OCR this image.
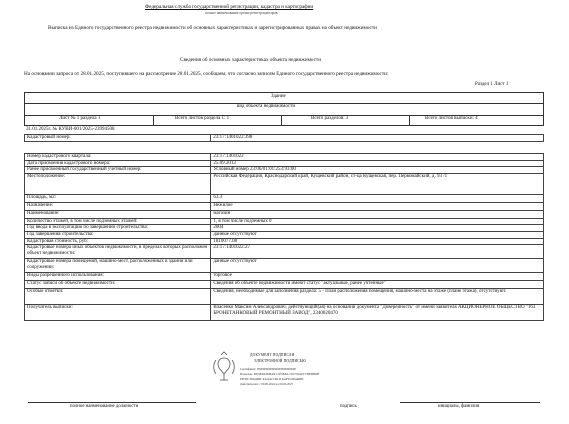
Федеральная служба государственной регистрации, кадастра и картографии
полное наименование органа регистрации прав
Выписка из Единого государственного реестра недвижимости об основных характеристиках и зарегистрированных правах на объект недвижимости
Сведения об основных характеристиках объекта недвижимости
На основании запроса от 28.01.2025, поступившего на рассмотрение 28.01.2025, сообщаем, что согласно записям Единого государственного реестра недвижимости:
Раздел 1 Лист 1
Здание
вид объекта недвижимости
Лист № 1 раздела 1	Всего листов раздела 1: 1	Всего разделов: 3	Всего листов выписки: 4
31.01.2025г. № КУВИ-001/2025-23994508
Кадастровый номер:	23:17:1401022:398
Номер кадастрового квартала:	23:17:1401022
Дата присвоения кадастрового номера:	25.09.2013
Ранее присвоенный государственный учетный номер:	Условный номер 23:06/01:01:253:93:00
Местоположение:	Российская Федерация, Краснодарский край, Кущевский район, ст-ца Кущевская, пер. Первомайский, д. 93 /1
Площадь, м2:	63.3
Назначение:	Нежилое
Наименование:	магазин
Количество этажей, в том числе подземных этажей:	1, в том числе подземных 0
Год ввода в эксплуатацию по завершении строительства:	2004
Год завершения строительства:	данные отсутствуют
Кадастровая стоимость, руб:	1810077.08
Кадастровые номера иных объектов недвижимости, в пределах которых расположен объект недвижимости:	23:17:1401022:27
Кадастровые номера помещений, машино-мест, расположенных в здании или сооружении:	данные отсутствуют
Виды разрешенного использования:	торговое
Статус записи об объекте недвижимости:	Сведения об объекте недвижимости имеют статус "актуальные, ранее учтенные"
Особые отметки:	Сведения, необходимые для заполнения раздела: 5 - План расположения помещения, машино-места на этаже (плане этажа), отсутствуют.
Получатель выписки:	Власенко Максим Александрович, действующий(ая) на основании документа "Доверенность" от имени заявителя АКЦИОНЕРНОЕ ОБЩЕСТВО "163 БРОНЕТАНКОВЫЙ РЕМОНТНЫЙ ЗАВОД", 2340020470
ДОКУМЕНТ ПОДПИСАН
ЭЛЕКТРОННОЙ ПОДПИСЬЮ
Сертификат: 00000000000000000000000000
Владелец: ФЕДЕРАЛЬНАЯ СЛУЖБА ГОСУДАРСТВЕННОЙ
РЕГИСТРАЦИИ, КАДАСТРА И КАРТОГРАФИИ
Действителен: с 00.00.2024 по 00.00.2025
полное наименование должности	подпись	инициалы, фамилия
